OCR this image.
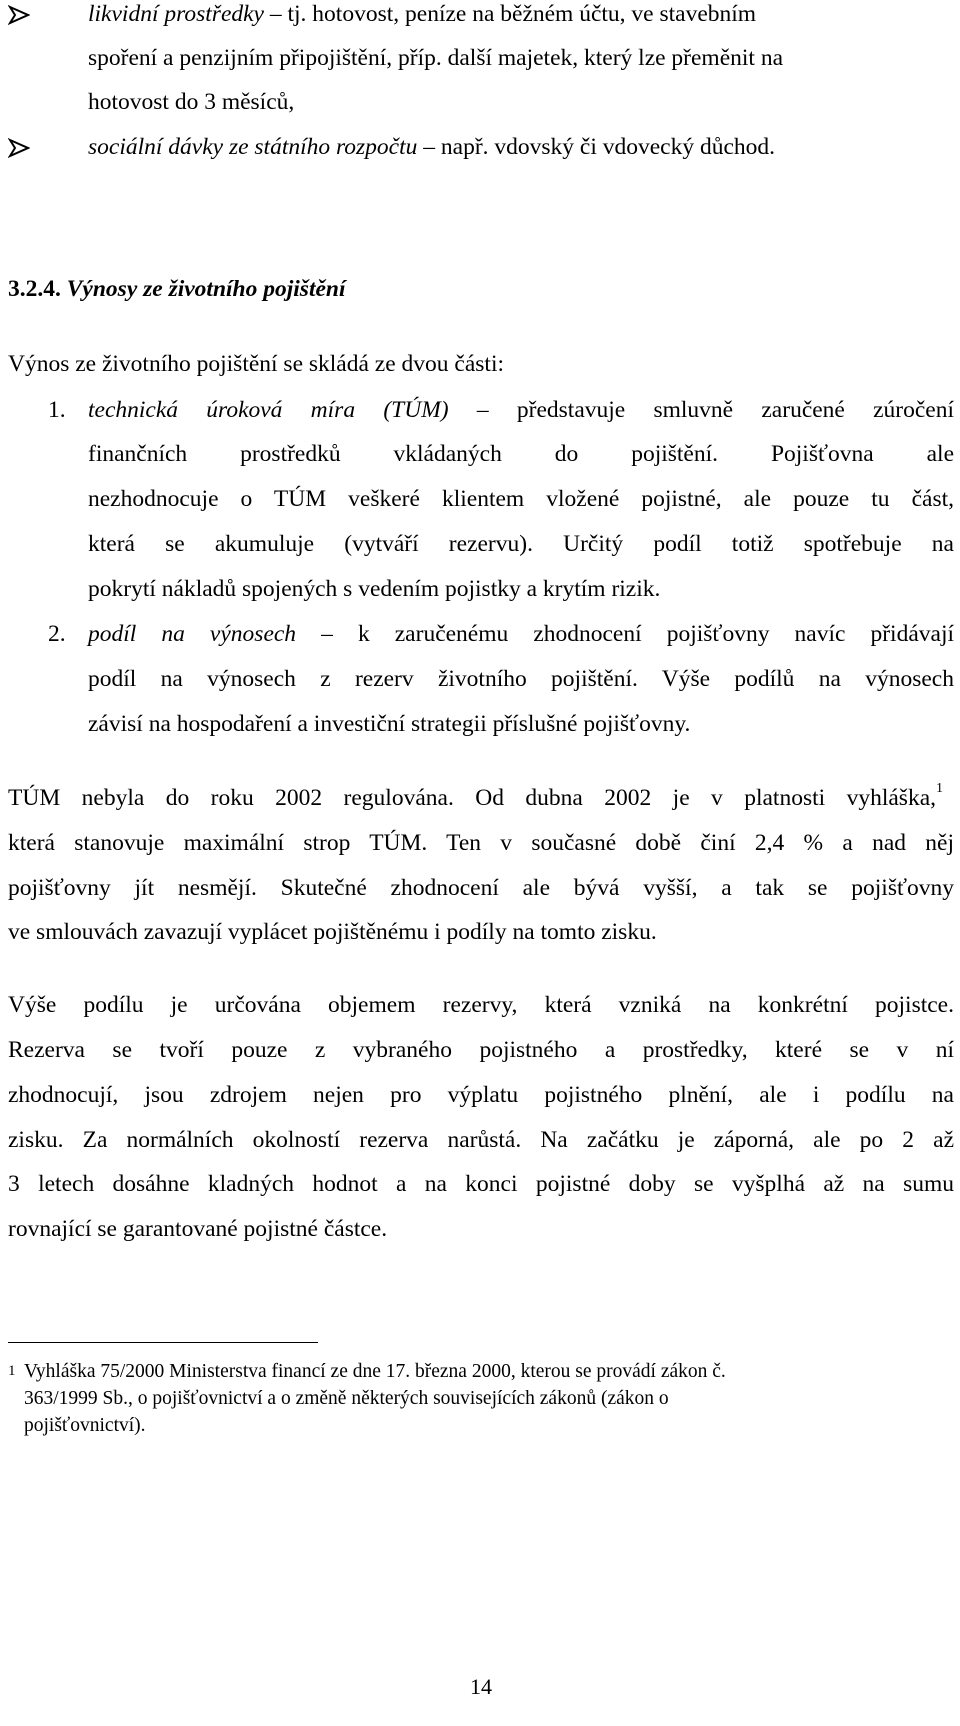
likvidní prostředky – tj. hotovost, peníze na běžném účtu, ve stavebním
spoření a penzijním připojištění, příp. další majetek, který lze přeměnit na
hotovost do 3 měsíců,
sociální dávky ze státního rozpočtu – např. vdovský či vdovecký důchod.
3.2.4. Výnosy ze životního pojištění
Výnos ze životního pojištění se skládá ze dvou části:
1. technická úroková míra (TÚM) – představuje smluvně zaručené zúročení
finančních prostředků vkládaných do pojištění. Pojišťovna ale
nezhodnocuje o TÚM veškeré klientem vložené pojistné, ale pouze tu část,
která se akumuluje (vytváří rezervu). Určitý podíl totiž spotřebuje na
pokrytí nákladů spojených s vedením pojistky a krytím rizik.
2. podíl na výnosech – k zaručenému zhodnocení pojišťovny navíc přidávají
podíl na výnosech z rezerv životního pojištění. Výše podílů na výnosech
závisí na hospodaření a investiční strategii příslušné pojišťovny.
TÚM nebyla do roku 2002 regulována. Od dubna 2002 je v platnosti vyhláška,$^1$
která stanovuje maximální strop TÚM. Ten v současné době činí 2,4 % a nad něj
pojišťovny jít nesmějí. Skutečné zhodnocení ale bývá vyšší, a tak se pojišťovny
ve smlouvách zavazují vyplácet pojištěnému i podíly na tomto zisku.
Výše podílu je určována objemem rezervy, která vzniká na konkrétní pojistce.
Rezerva se tvoří pouze z vybraného pojistného a prostředky, které se v ní
zhodnocují, jsou zdrojem nejen pro výplatu pojistného plnění, ale i podílu na
zisku. Za normálních okolností rezerva narůstá. Na začátku je záporná, ale po 2 až
3 letech dosáhne kladných hodnot a na konci pojistné doby se vyšplhá až na sumu
rovnající se garantované pojistné částce.
1 Vyhláška 75/2000 Ministerstva financí ze dne 17. března 2000, kterou se provádí zákon č.
363/1999 Sb., o pojišťovnictví a o změně některých souvisejících zákonů (zákon o
pojišťovnictví).
14
